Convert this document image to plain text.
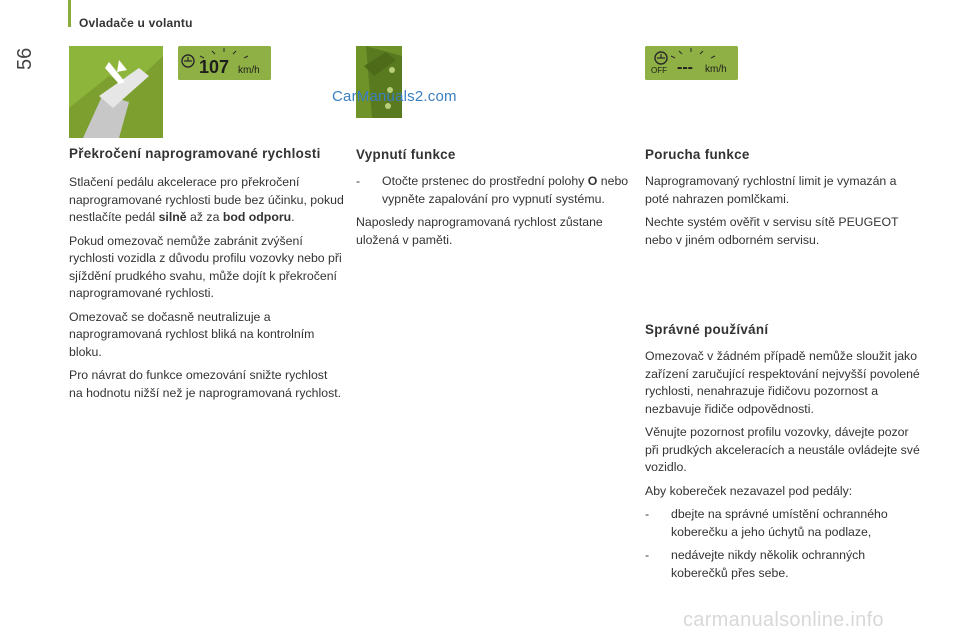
Ovladače u volantu
56	107 km/h
CarManuals2.com
OFF --- km/h
Překročení naprogramované rychlosti

Stlačení pedálu akcelerace pro překročení naprogramované rychlosti bude bez účinku, pokud nestlačíte pedál silně až za bod odporu.

Pokud omezovač nemůže zabránit zvýšení rychlosti vozidla z důvodu profilu vozovky nebo při sjíždění prudkého svahu, může dojít k překročení naprogramované rychlosti.

Omezovač se dočasně neutralizuje a naprogramovaná rychlost bliká na kontrolním bloku.

Pro návrat do funkce omezování snižte rychlost na hodnotu nižší než je naprogramovaná rychlost.

Vypnutí funkce
- Otočte prstenec do prostřední polohy O nebo vypněte zapalování pro vypnutí systému.

Naposledy naprogramovaná rychlost zůstane uložená v paměti.

Porucha funkce

Naprogramovaný rychlostní limit je vymazán a poté nahrazen pomlčkami.

Nechte systém ověřit v servisu sítě PEUGEOT nebo v jiném odborném servisu.

Správné používání

Omezovač v žádném případě nemůže sloužit jako zařízení zaručující respektování nejvyšší povolené rychlosti, nenahrazuje řidičovu pozornost a nezbavuje řidiče odpovědnosti.

Věnujte pozornost profilu vozovky, dávejte pozor při prudkých akceleracích a neustále ovládejte své vozidlo.

Aby kobereček nezavazel pod pedály:

- dbejte na správné umístění ochranného koberečku a jeho úchytů na podlaze,
- nedávejte nikdy několik ochranných koberečků přes sebe.
carmanualsonline.info
